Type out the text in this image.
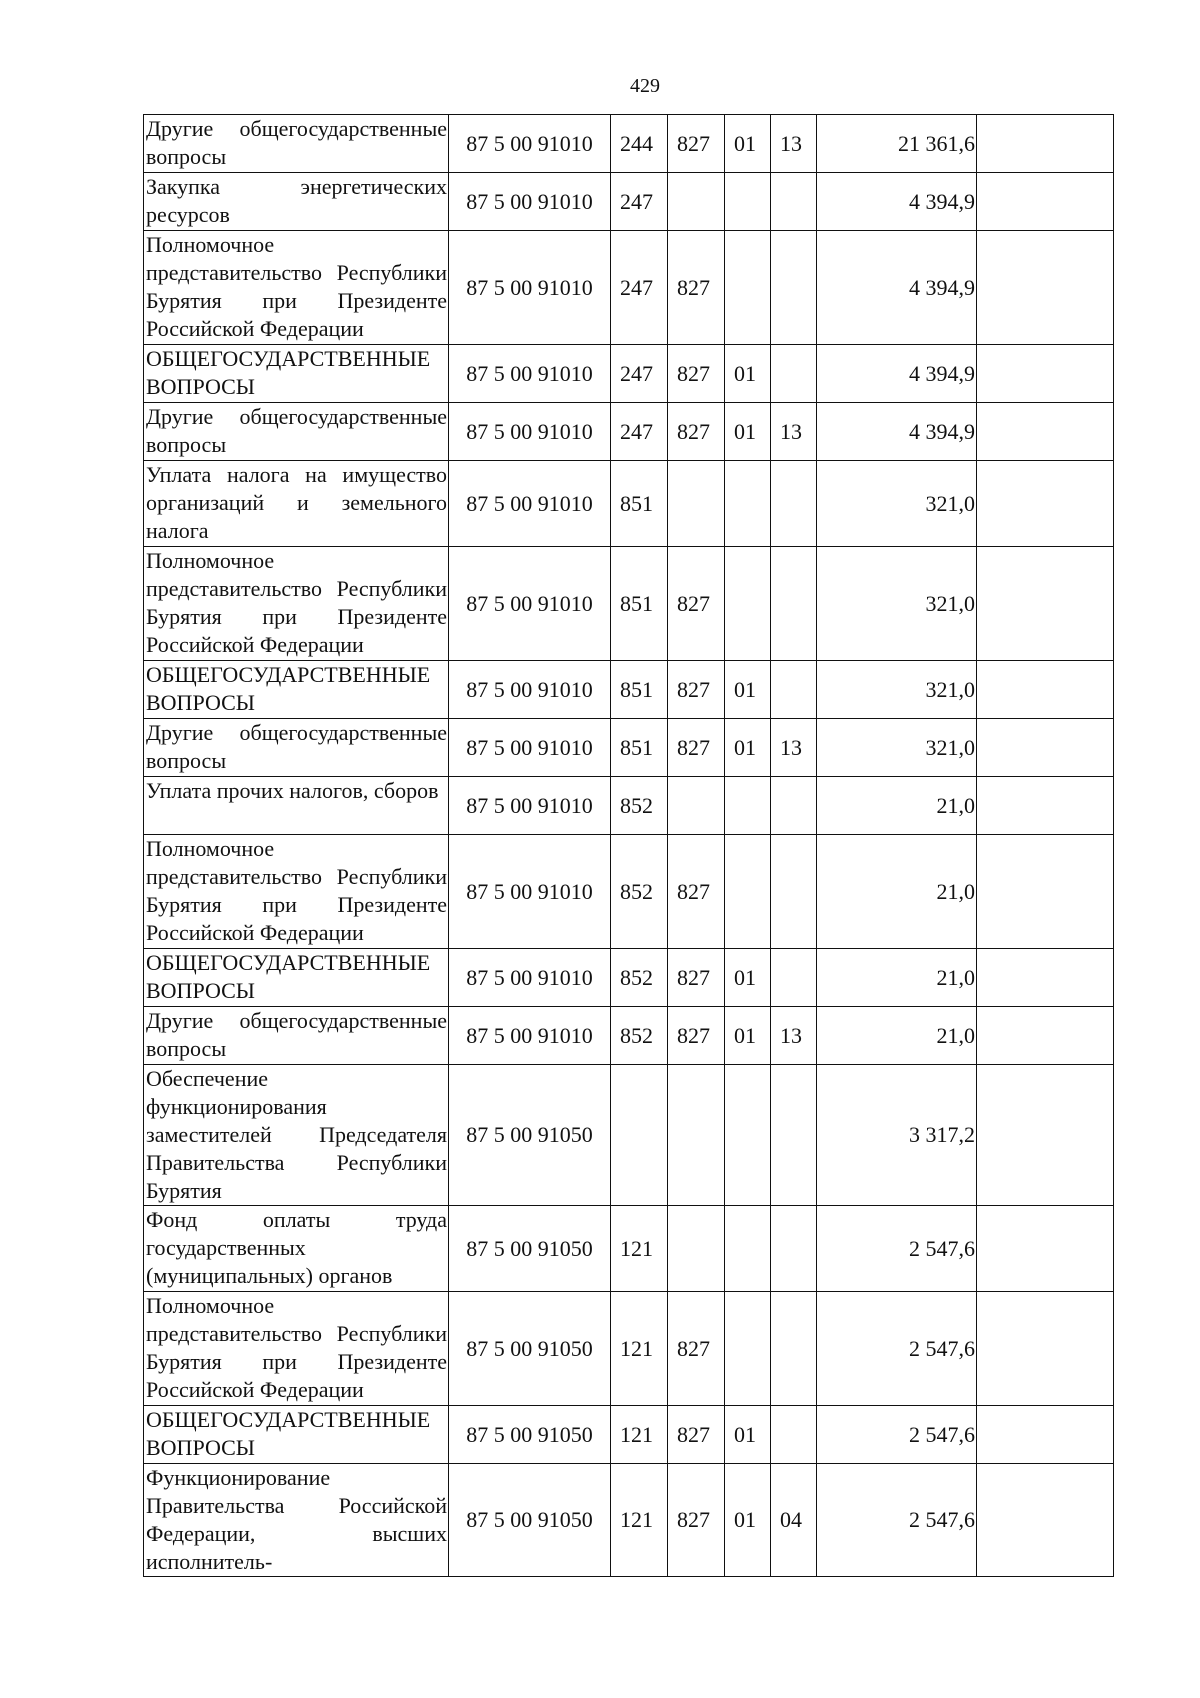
429
Другие общегосударственные вопросы	87 5 00 91010	244	827	01	13	21 361,6	
Закупка энергетических ресурсов	87 5 00 91010	247				4 394,9	
Полномочное представительство Республики Бурятия при Президенте Российской Федерации	87 5 00 91010	247	827			4 394,9	
ОБЩЕГОСУДАРСТВЕННЫЕ ВОПРОСЫ	87 5 00 91010	247	827	01		4 394,9	
Другие общегосударственные вопросы	87 5 00 91010	247	827	01	13	4 394,9	
Уплата налога на имущество организаций и земельного налога	87 5 00 91010	851				321,0	
Полномочное представительство Республики Бурятия при Президенте Российской Федерации	87 5 00 91010	851	827			321,0	
ОБЩЕГОСУДАРСТВЕННЫЕ ВОПРОСЫ	87 5 00 91010	851	827	01		321,0	
Другие общегосударственные вопросы	87 5 00 91010	851	827	01	13	321,0	
Уплата прочих налогов, сборов	87 5 00 91010	852				21,0	
Полномочное представительство Республики Бурятия при Президенте Российской Федерации	87 5 00 91010	852	827			21,0	
ОБЩЕГОСУДАРСТВЕННЫЕ ВОПРОСЫ	87 5 00 91010	852	827	01		21,0	
Другие общегосударственные вопросы	87 5 00 91010	852	827	01	13	21,0	
Обеспечение функционирования заместителей Председателя Правительства Республики Бурятия	87 5 00 91050					3 317,2	
Фонд оплаты труда государственных (муниципальных) органов	87 5 00 91050	121				2 547,6	
Полномочное представительство Республики Бурятия при Президенте Российской Федерации	87 5 00 91050	121	827			2 547,6	
ОБЩЕГОСУДАРСТВЕННЫЕ ВОПРОСЫ	87 5 00 91050	121	827	01		2 547,6	
Функционирование Правительства Российской Федерации, высших исполнитель-	87 5 00 91050	121	827	01	04	2 547,6	
